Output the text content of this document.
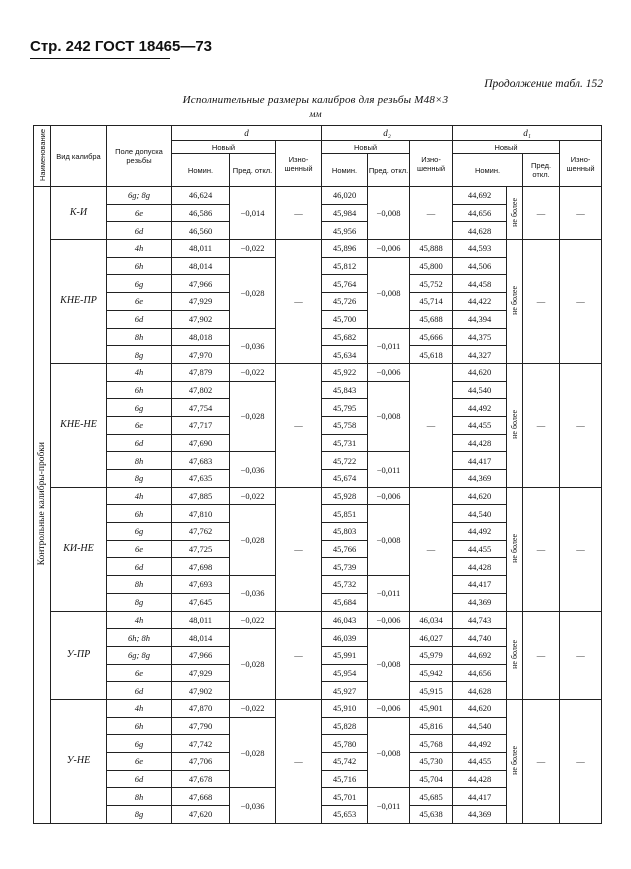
Стр. 242 ГОСТ 18465—73
Продолжение табл. 152
Исполнительные размеры калибров для резьбы М48×3
мм
Наименование	Вид калибра	Поле допуска резьбы	d			d₂			d₁			
			Новый		Изно-шенный	Новый		Изно-шенный	Новый			Изно-шенный
			Номин.	Пред. откл.		Номин.	Пред. откл.		Номин.		Пред. откл.	
Контрольные калибры-пробки	К-И	6g; 8g	46,624	−0,014	—	46,020	−0,008	—	44,692	не более	—	—
		6e	46,586			45,984			44,656			
		6d	46,560			45,956			44,628			
	КНЕ-ПР	4h	48,011	−0,022	—	45,896	−0,006	45,888	44,593	не более	—	—
		6h	48,014	−0,028		45,812	−0,008	45,800	44,506			
		6g	47,966			45,764		45,752	44,458			
		6e	47,929			45,726		45,714	44,422			
		6d	47,902			45,700		45,688	44,394			
		8h	48,018	−0,036		45,682	−0,011	45,666	44,375			
		8g	47,970			45,634		45,618	44,327			
	КНЕ-НЕ	4h	47,879	−0,022	—	45,922	−0,006	—	44,620	не более	—	—
		6h	47,802	−0,028		45,843	−0,008		44,540			
		6g	47,754			45,795			44,492			
		6e	47,717			45,758			44,455			
		6d	47,690			45,731			44,428			
		8h	47,683	−0,036		45,722	−0,011		44,417			
		8g	47,635			45,674			44,369			
	КИ-НЕ	4h	47,885	−0,022	—	45,928	−0,006	—	44,620	не более	—	—
		6h	47,810	−0,028		45,851	−0,008		44,540			
		6g	47,762			45,803			44,492			
		6e	47,725			45,766			44,455			
		6d	47,698			45,739			44,428			
		8h	47,693	−0,036		45,732	−0,011		44,417			
		8g	47,645			45,684			44,369			
	У-ПР	4h	48,011	−0,022	—	46,043	−0,006	46,034	44,743	не более	—	—
		6h; 8h	48,014	−0,028		46,039	−0,008	46,027	44,740			
		6g; 8g	47,966			45,991		45,979	44,692			
		6e	47,929			45,954		45,942	44,656			
		6d	47,902			45,927		45,915	44,628			
	У-НЕ	4h	47,870	−0,022	—	45,910	−0,006	45,901	44,620	не более	—	—
		6h	47,790	−0,028		45,828	−0,008	45,816	44,540			
		6g	47,742			45,780		45,768	44,492			
		6e	47,706			45,742		45,730	44,455			
		6d	47,678			45,716		45,704	44,428			
		8h	47,668	−0,036		45,701	−0,011	45,685	44,417			
		8g	47,620			45,653		45,638	44,369			
